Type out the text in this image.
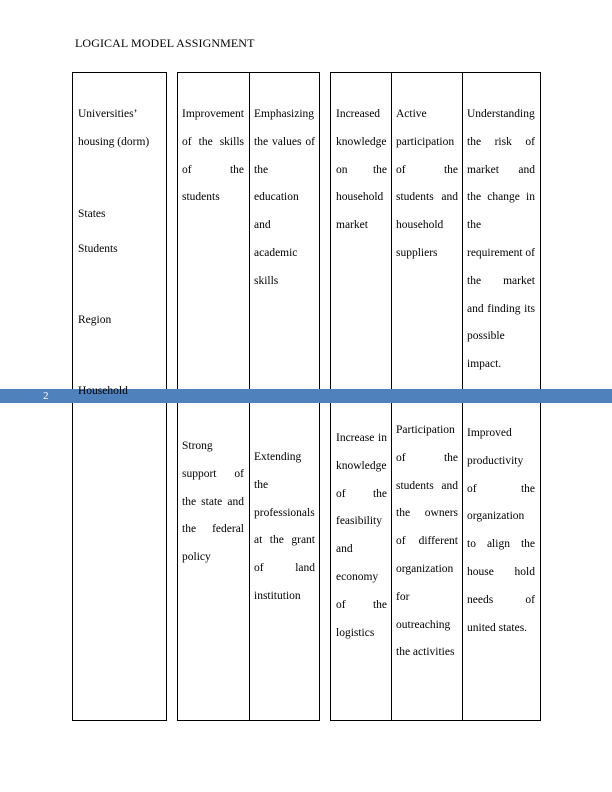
LOGICAL MODEL ASSIGNMENT
Universities’
housing (dorm)
States
Students
Region
Improvement of the skills of the students
Emphasizing the values of the education and academic skills
Increased knowledge on the household market
Active participation of the students and household suppliers
Understanding the risk of market and the change in the requirement of the market and finding its possible impact.
Strong support of the state and the federal policy
Extending the professionals at the grant of land institution
Increase in knowledge of the feasibility and economy of the logistics
Participation of the students and the owners of different organization for outreaching the activities
Improved productivity of the organization to align the house hold needs of united states.
2	Household
